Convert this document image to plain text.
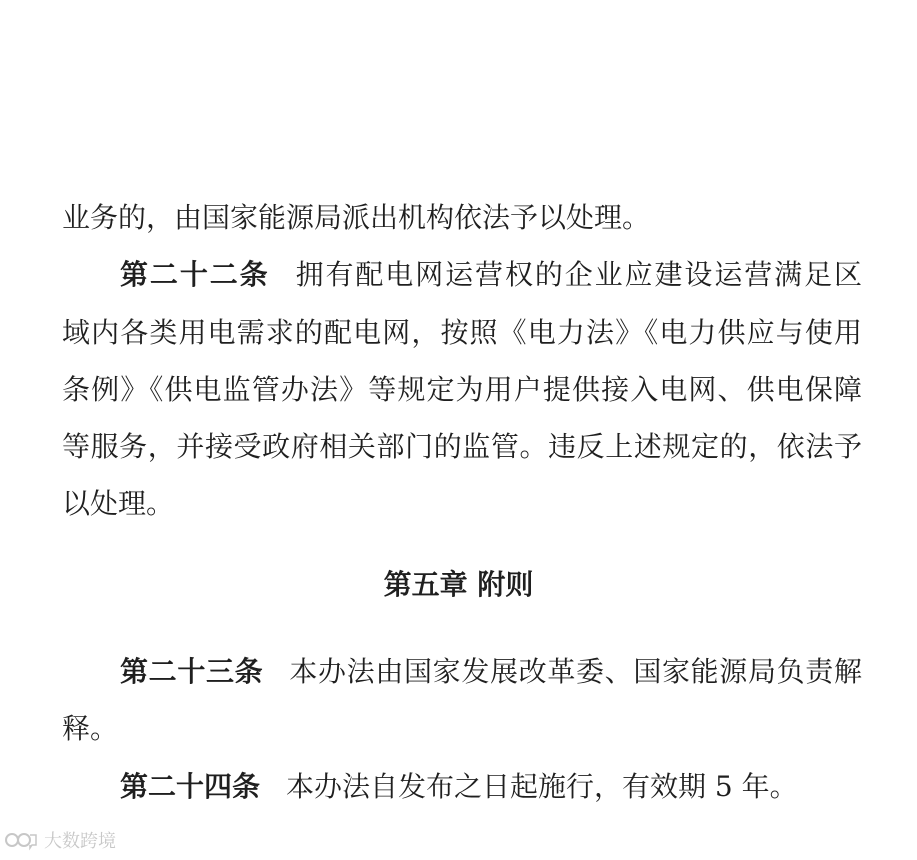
业务的，由国家能源局派出机构依法予以处理。
第二十二条 拥有配电网运营权的企业应建设运营满足区
域内各类用电需求的配电网，按照《电力法》《电力供应与使用
条例》《供电监管办法》等规定为用户提供接入电网、供电保障
等服务，并接受政府相关部门的监管。违反上述规定的，依法予
以处理。
第五章 附则
第二十三条 本办法由国家发展改革委、国家能源局负责解
释。
第二十四条 本办法自发布之日起施行，有效期 5 年。
大数跨境
